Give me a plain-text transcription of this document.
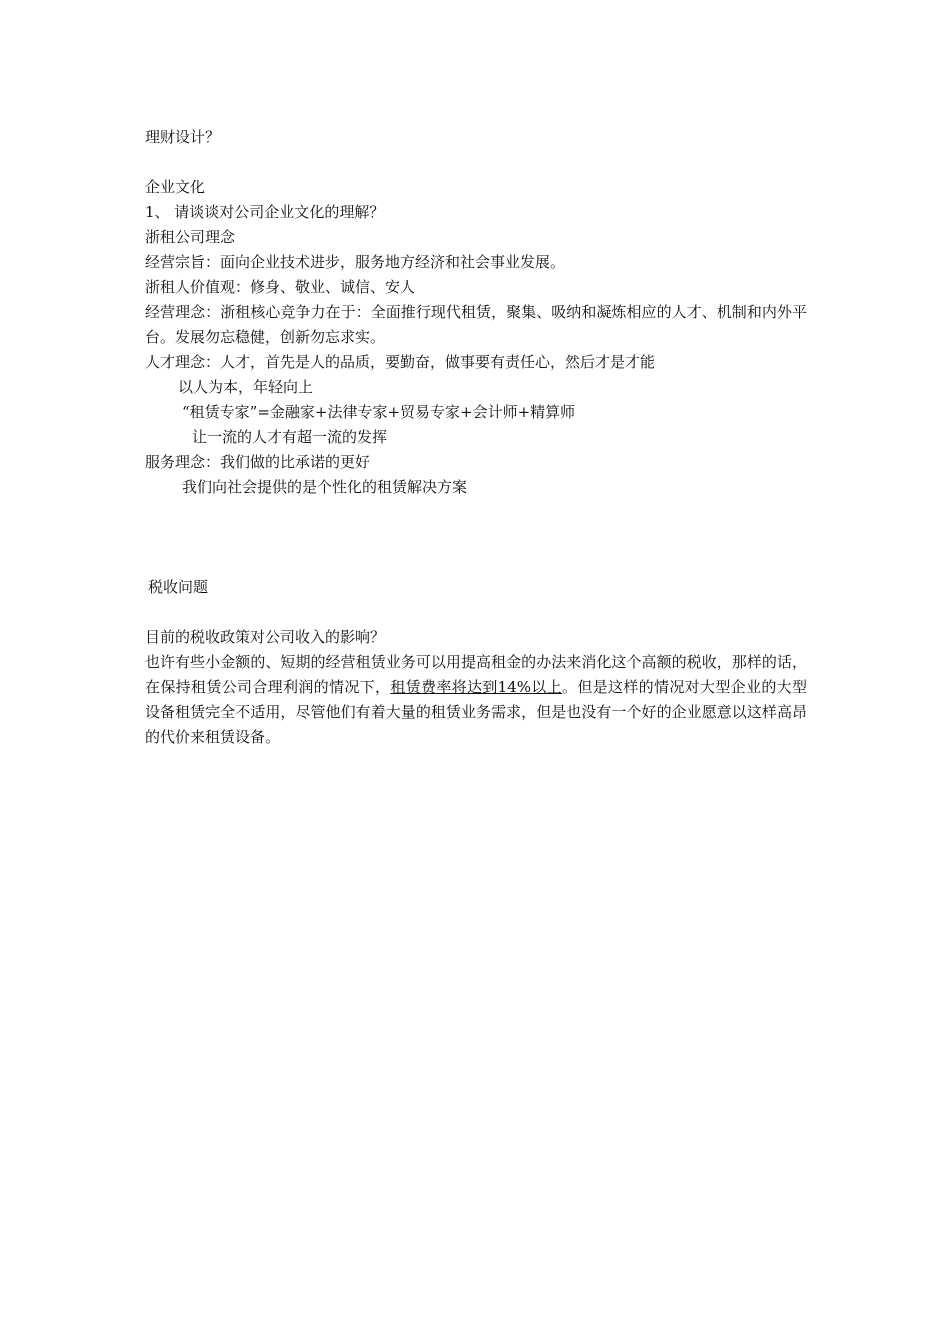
理财设计？
企业文化
1、 请谈谈对公司企业文化的理解？
浙租公司理念
经营宗旨：面向企业技术进步，服务地方经济和社会事业发展。
浙租人价值观：修身、敬业、诚信、安人
经营理念：浙租核心竞争力在于：全面推行现代租赁，聚集、吸纳和凝炼相应的人才、机制和内外平台。发展勿忘稳健，创新勿忘求实。
人才理念：人才，首先是人的品质，要勤奋，做事要有责任心，然后才是才能
以人为本，年轻向上
“租赁专家”=金融家+法律专家+贸易专家+会计师+精算师
让一流的人才有超一流的发挥
服务理念：我们做的比承诺的更好
我们向社会提供的是个性化的租赁解决方案
税收问题
目前的税收政策对公司收入的影响？
也许有些小金额的、短期的经营租赁业务可以用提高租金的办法来消化这个高额的税收，那样的话，在保持租赁公司合理利润的情况下，租赁费率将达到14%以上。但是这样的情况对大型企业的大型设备租赁完全不适用，尽管他们有着大量的租赁业务需求，但是也没有一个好的企业愿意以这样高昂的代价来租赁设备。
